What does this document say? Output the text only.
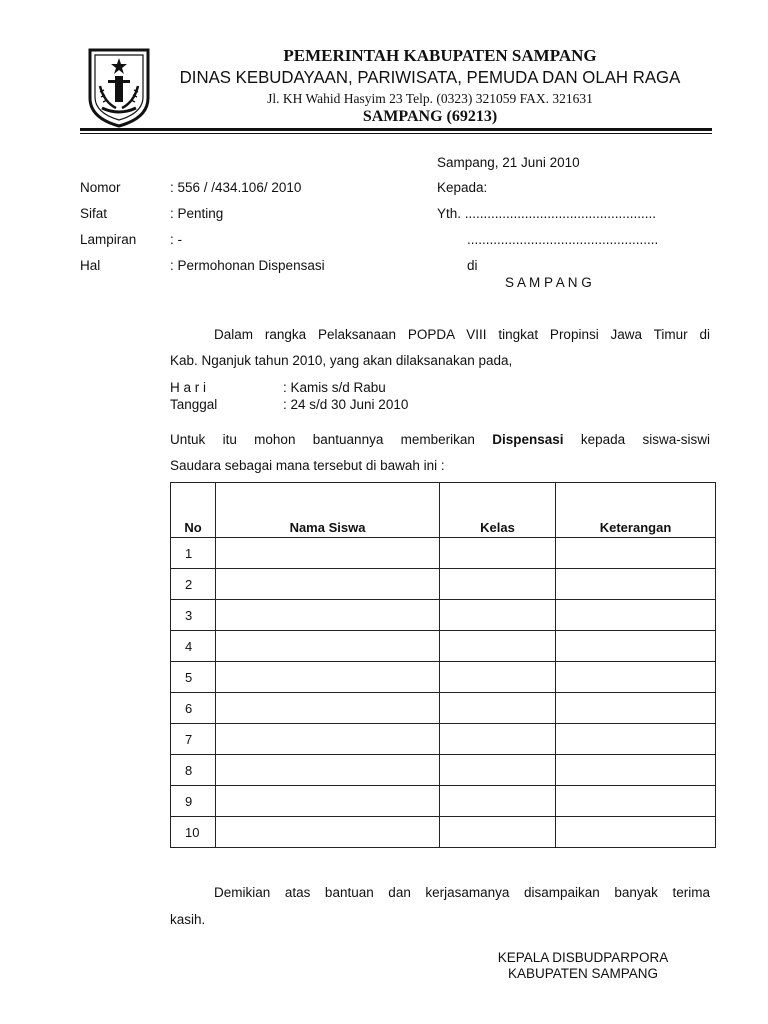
PEMERINTAH KABUPATEN SAMPANG
DINAS KEBUDAYAAN, PARIWISATA, PEMUDA DAN OLAH RAGA
Jl. KH Wahid Hasyim 23 Telp. (0323) 321059 FAX. 321631
SAMPANG (69213)
Sampang, 21 Juni 2010
Nomor	: 556 / /434.106/ 2010
Sifat	: Penting
Lampiran : -
Hal	: Permohonan Dispensasi
Kepada:
Yth. ...................................................
...................................................
di
S A M P A N G
Dalam rangka Pelaksanaan POPDA VIII tingkat Propinsi Jawa Timur di
Kab. Nganjuk tahun 2010, yang akan dilaksanakan pada,
H a r i	: Kamis s/d Rabu
Tanggal	: 24 s/d 30 Juni 2010
Untuk itu mohon bantuannya memberikan Dispensasi kepada siswa-siswi
Saudara sebagai mana tersebut di bawah ini :
No	Nama Siswa	Kelas	Keterangan
1			
2			
3			
4			
5			
6			
7			
8			
9			
10			
Demikian atas bantuan dan kerjasamanya disampaikan banyak terima
kasih.
KEPALA DISBUDPARPORA
KABUPATEN SAMPANG
